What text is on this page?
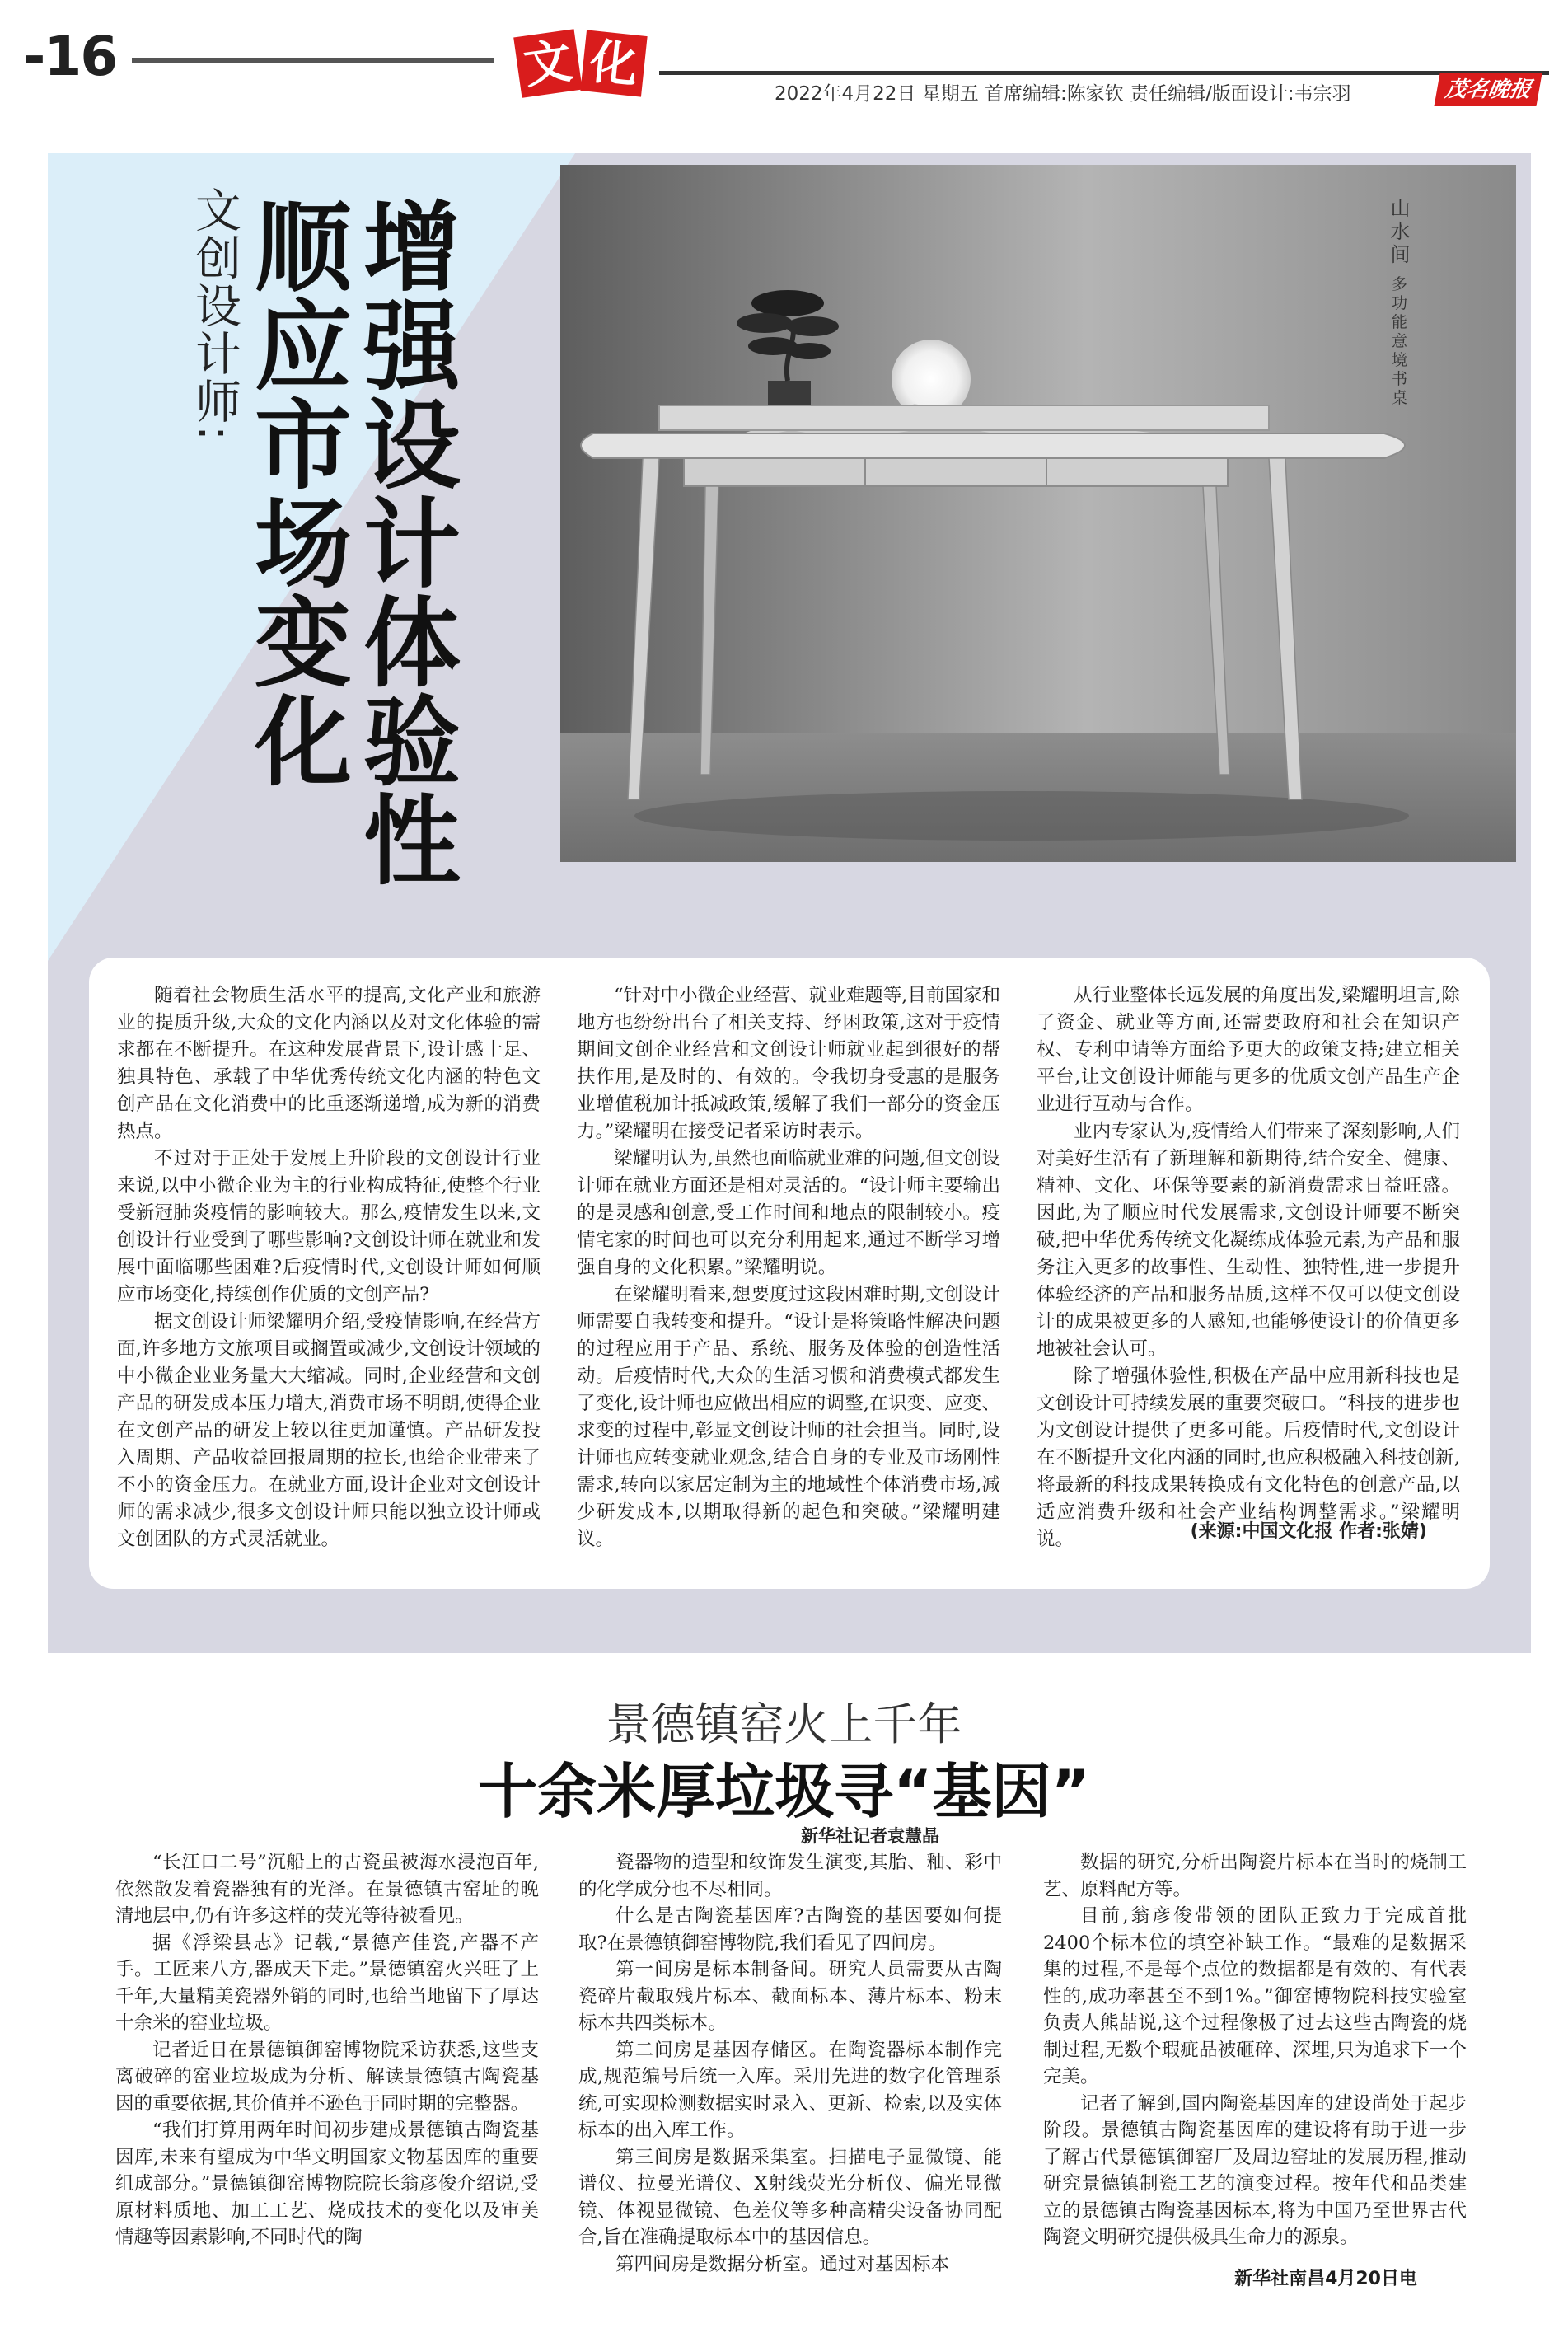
-16	文 化
2022年4月22日 星期五 首席编辑:陈家钦 责任编辑/版面设计:韦宗羽	茂名晚报
增强设计体验性
顺应市场变化
文创设计师:	山水间 多功能意境书桌

随着社会物质生活水平的提高,文化产业和旅游业的提质升级,大众的文化内涵以及对文化体验的需求都在不断提升。在这种发展背景下,设计感十足、独具特色、承载了中华优秀传统文化内涵的特色文创产品在文化消费中的比重逐渐递增,成为新的消费热点。

不过对于正处于发展上升阶段的文创设计行业来说,以中小微企业为主的行业构成特征,使整个行业受新冠肺炎疫情的影响较大。那么,疫情发生以来,文创设计行业受到了哪些影响?文创设计师在就业和发展中面临哪些困难?后疫情时代,文创设计师如何顺应市场变化,持续创作优质的文创产品?

据文创设计师梁耀明介绍,受疫情影响,在经营方面,许多地方文旅项目或搁置或减少,文创设计领域的中小微企业业务量大大缩减。同时,企业经营和文创产品的研发成本压力增大,消费市场不明朗,使得企业在文创产品的研发上较以往更加谨慎。产品研发投入周期、产品收益回报周期的拉长,也给企业带来了不小的资金压力。在就业方面,设计企业对文创设计师的需求减少,很多文创设计师只能以独立设计师或文创团队的方式灵活就业。

“针对中小微企业经营、就业难题等,目前国家和地方也纷纷出台了相关支持、纾困政策,这对于疫情期间文创企业经营和文创设计师就业起到很好的帮扶作用,是及时的、有效的。令我切身受惠的是服务业增值税加计抵减政策,缓解了我们一部分的资金压力。”梁耀明在接受记者采访时表示。

梁耀明认为,虽然也面临就业难的问题,但文创设计师在就业方面还是相对灵活的。“设计师主要输出的是灵感和创意,受工作时间和地点的限制较小。疫情宅家的时间也可以充分利用起来,通过不断学习增强自身的文化积累。”梁耀明说。

在梁耀明看来,想要度过这段困难时期,文创设计师需要自我转变和提升。“设计是将策略性解决问题的过程应用于产品、系统、服务及体验的创造性活动。后疫情时代,大众的生活习惯和消费模式都发生了变化,设计师也应做出相应的调整,在识变、应变、求变的过程中,彰显文创设计师的社会担当。同时,设计师也应转变就业观念,结合自身的专业及市场刚性需求,转向以家居定制为主的地域性个体消费市场,减少研发成本,以期取得新的起色和突破。”梁耀明建议。

从行业整体长远发展的角度出发,梁耀明坦言,除了资金、就业等方面,还需要政府和社会在知识产权、专利申请等方面给予更大的政策支持;建立相关平台,让文创设计师能与更多的优质文创产品生产企业进行互动与合作。

业内专家认为,疫情给人们带来了深刻影响,人们对美好生活有了新理解和新期待,结合安全、健康、精神、文化、环保等要素的新消费需求日益旺盛。因此,为了顺应时代发展需求,文创设计师要不断突破,把中华优秀传统文化凝练成体验元素,为产品和服务注入更多的故事性、生动性、独特性,进一步提升体验经济的产品和服务品质,这样不仅可以使文创设计的成果被更多的人感知,也能够使设计的价值更多地被社会认可。

除了增强体验性,积极在产品中应用新科技也是文创设计可持续发展的重要突破口。“科技的进步也为文创设计提供了更多可能。后疫情时代,文创设计在不断提升文化内涵的同时,也应积极融入科技创新,将最新的科技成果转换成有文化特色的创意产品,以适应消费升级和社会产业结构调整需求。”梁耀明说。	(来源:中国文化报 作者:张婧)
景德镇窑火上千年
十余米厚垃圾寻“基因”
新华社记者袁慧晶

“长江口二号”沉船上的古瓷虽被海水浸泡百年,依然散发着瓷器独有的光泽。在景德镇古窑址的晚清地层中,仍有许多这样的荧光等待被看见。

据《浮梁县志》记载,“景德产佳瓷,产器不产手。工匠来八方,器成天下走。”景德镇窑火兴旺了上千年,大量精美瓷器外销的同时,也给当地留下了厚达十余米的窑业垃圾。

记者近日在景德镇御窑博物院采访获悉,这些支离破碎的窑业垃圾成为分析、解读景德镇古陶瓷基因的重要依据,其价值并不逊色于同时期的完整器。

“我们打算用两年时间初步建成景德镇古陶瓷基因库,未来有望成为中华文明国家文物基因库的重要组成部分。”景德镇御窑博物院院长翁彦俊介绍说,受原材料质地、加工工艺、烧成技术的变化以及审美情趣等因素影响,不同时代的陶

瓷器物的造型和纹饰发生演变,其胎、釉、彩中的化学成分也不尽相同。

什么是古陶瓷基因库?古陶瓷的基因要如何提取?在景德镇御窑博物院,我们看见了四间房。

第一间房是标本制备间。研究人员需要从古陶瓷碎片截取残片标本、截面标本、薄片标本、粉末标本共四类标本。

第二间房是基因存储区。在陶瓷器标本制作完成,规范编号后统一入库。采用先进的数字化管理系统,可实现检测数据实时录入、更新、检索,以及实体标本的出入库工作。

第三间房是数据采集室。扫描电子显微镜、能谱仪、拉曼光谱仪、X射线荧光分析仪、偏光显微镜、体视显微镜、色差仪等多种高精尖设备协同配合,旨在准确提取标本中的基因信息。

第四间房是数据分析室。通过对基因标本

数据的研究,分析出陶瓷片标本在当时的烧制工艺、原料配方等。

目前,翁彦俊带领的团队正致力于完成首批2400个标本位的填空补缺工作。“最难的是数据采集的过程,不是每个点位的数据都是有效的、有代表性的,成功率甚至不到1%。”御窑博物院科技实验室负责人熊喆说,这个过程像极了过去这些古陶瓷的烧制过程,无数个瑕疵品被砸碎、深埋,只为追求下一个完美。

记者了解到,国内陶瓷基因库的建设尚处于起步阶段。景德镇古陶瓷基因库的建设将有助于进一步了解古代景德镇御窑厂及周边窑址的发展历程,推动研究景德镇制瓷工艺的演变过程。按年代和品类建立的景德镇古陶瓷基因标本,将为中国乃至世界古代陶瓷文明研究提供极具生命力的源泉。

新华社南昌4月20日电
